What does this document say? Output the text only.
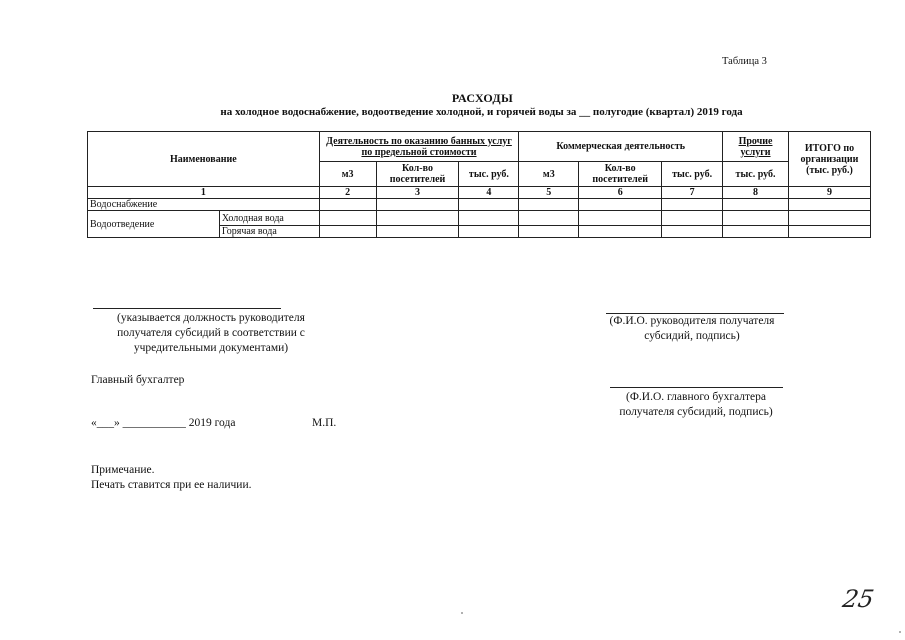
Таблица 3
РАСХОДЫ
на холодное водоснабжение, водоотведение холодной, и горячей воды за __ полугодие (квартал) 2019 года
Наименование		Деятельность по оказанию банных услуг по предельной стоимости			Коммерческая деятельность			Прочие услуги	ИТОГО по организации (тыс. руб.)
		м3	Кол-во посетителей	тыс. руб.	м3	Кол-во посетителей	тыс. руб.	тыс. руб.	
1		2	3	4	5	6	7	8	9
Водоснабжение									
Водоотведение	Холодная вода								
	Горячая вода								
(указывается должность руководителя получателя субсидий в соответствии с учредительными документами)
(Ф.И.О. руководителя получателя субсидий, подпись)
Главный бухгалтер
(Ф.И.О. главного бухгалтера получателя субсидий, подпись)
«___» ___________ 2019 года	М.П.
Примечание.
Печать ставится при ее наличии.
25
